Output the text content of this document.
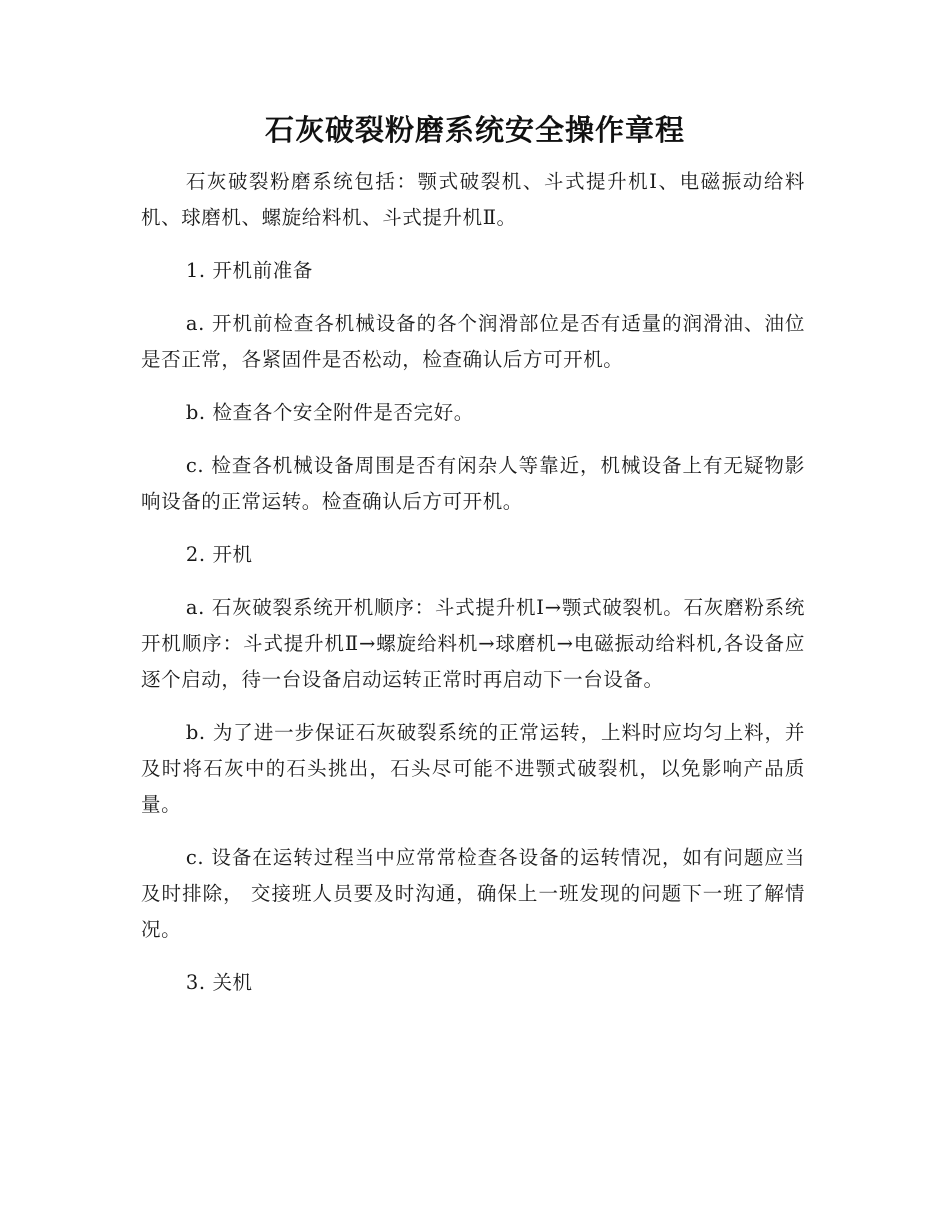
石灰破裂粉磨系统安全操作章程

石灰破裂粉磨系统包括：颚式破裂机、斗式提升机Ⅰ、电磁振动给料机、球磨机、螺旋给料机、斗式提升机Ⅱ。

1. 开机前准备

a. 开机前检查各机械设备的各个润滑部位是否有适量的润滑油、油位是否正常，各紧固件是否松动，检查确认后方可开机。

b. 检查各个安全附件是否完好。

c. 检查各机械设备周围是否有闲杂人等靠近，机械设备上有无疑物影响设备的正常运转。检查确认后方可开机。

2. 开机

a. 石灰破裂系统开机顺序：斗式提升机Ⅰ→颚式破裂机。石灰磨粉系统开机顺序：斗式提升机Ⅱ→螺旋给料机→球磨机→电磁振动给料机,各设备应逐个启动，待一台设备启动运转正常时再启动下一台设备。

b. 为了进一步保证石灰破裂系统的正常运转，上料时应均匀上料，并及时将石灰中的石头挑出，石头尽可能不进颚式破裂机，以免影响产品质量。

c. 设备在运转过程当中应常常检查各设备的运转情况，如有问题应当及时排除， 交接班人员要及时沟通，确保上一班发现的问题下一班了解情况。

3. 关机
